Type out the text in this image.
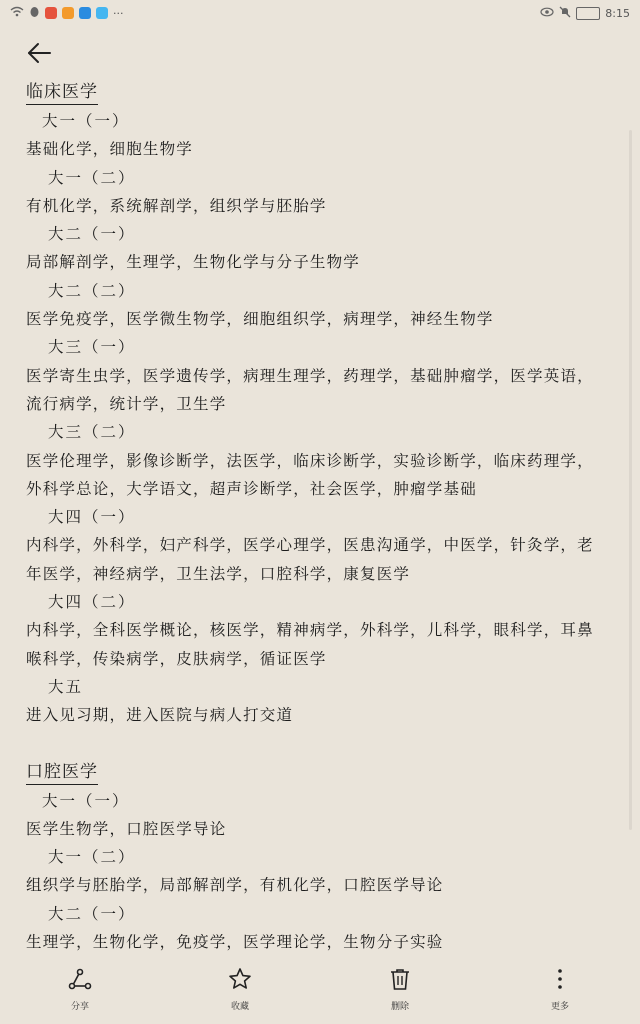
···	8:15
临床医学
大一（一）
基础化学，细胞生物学
大一（二）
有机化学，系统解剖学，组织学与胚胎学
大二（一）
局部解剖学，生理学，生物化学与分子生物学
大二（二）
医学免疫学，医学微生物学，细胞组织学，病理学，神经生物学
大三（一）
医学寄生虫学，医学遗传学，病理生理学，药理学，基础肿瘤学，医学英语，
流行病学，统计学，卫生学
大三（二）
医学伦理学，影像诊断学，法医学，临床诊断学，实验诊断学，临床药理学，
外科学总论，大学语文，超声诊断学，社会医学，肿瘤学基础
大四（一）
内科学，外科学，妇产科学，医学心理学，医患沟通学，中医学，针灸学，老
年医学，神经病学，卫生法学，口腔科学，康复医学
大四（二）
内科学，全科医学概论，核医学，精神病学，外科学，儿科学，眼科学，耳鼻
喉科学，传染病学，皮肤病学，循证医学
大五
进入见习期，进入医院与病人打交道
口腔医学
大一（一）
医学生物学，口腔医学导论
大一（二）
组织学与胚胎学，局部解剖学，有机化学，口腔医学导论
大二（一）
生理学，生物化学，免疫学，医学理论学，生物分子实验
分享	收藏	删除	更多
